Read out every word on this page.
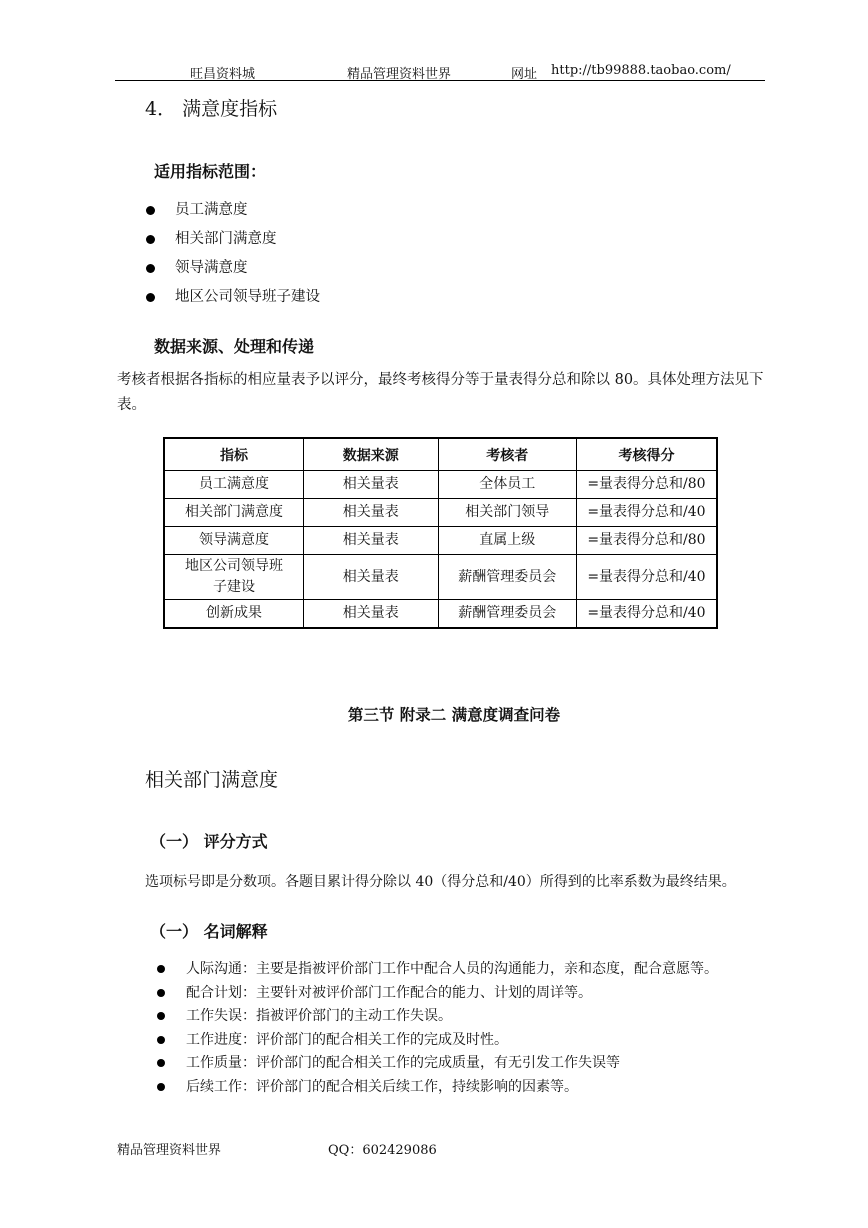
旺昌资料城	精品管理资料世界	网址 http://tb99888.taobao.com/
4． 满意度指标
适用指标范围：
员工满意度
相关部门满意度
领导满意度
地区公司领导班子建设
数据来源、处理和传递
考核者根据各指标的相应量表予以评分，最终考核得分等于量表得分总和除以 80。具体处理方法见下表。
指标	数据来源	考核者	考核得分
员工满意度	相关量表	全体员工	=量表得分总和/80
相关部门满意度	相关量表	相关部门领导	=量表得分总和/40
领导满意度	相关量表	直属上级	=量表得分总和/80
地区公司领导班子建设	相关量表	薪酬管理委员会	=量表得分总和/40
创新成果	相关量表	薪酬管理委员会	=量表得分总和/40
第三节 附录二 满意度调查问卷
相关部门满意度
（一） 评分方式
选项标号即是分数项。各题目累计得分除以 40（得分总和/40）所得到的比率系数为最终结果。
（一） 名词解释
人际沟通：主要是指被评价部门工作中配合人员的沟通能力，亲和态度，配合意愿等。
配合计划：主要针对被评价部门工作配合的能力、计划的周详等。
工作失误：指被评价部门的主动工作失误。
工作进度：评价部门的配合相关工作的完成及时性。
工作质量：评价部门的配合相关工作的完成质量，有无引发工作失误等
后续工作：评价部门的配合相关后续工作，持续影响的因素等。
精品管理资料世界	QQ：602429086
